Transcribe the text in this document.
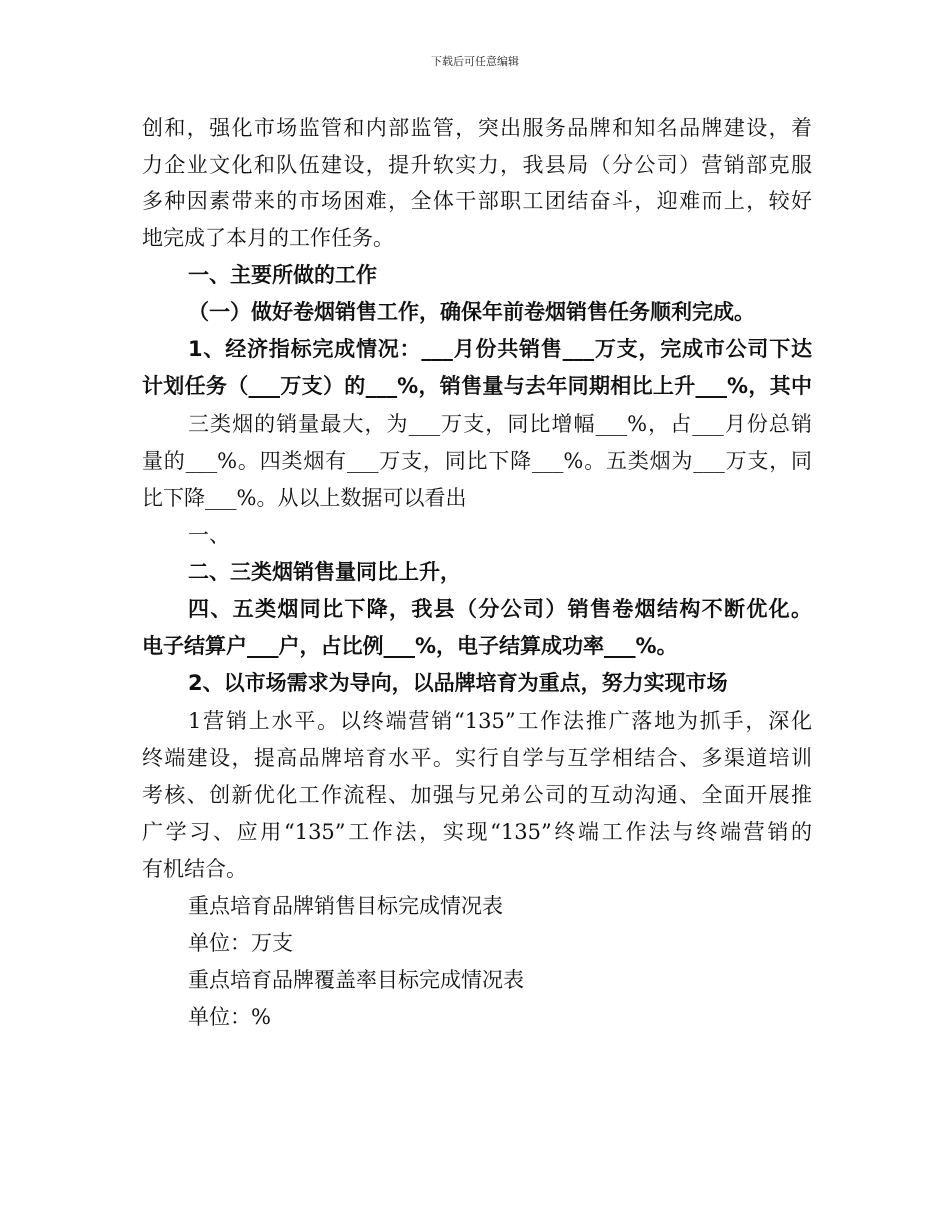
下载后可任意编辑
创和，强化市场监管和内部监管，突出服务品牌和知名品牌建设，着
力企业文化和队伍建设，提升软实力，我县局（分公司）营销部克服
多种因素带来的市场困难，全体干部职工团结奋斗，迎难而上，较好
地完成了本月的工作任务。
一、主要所做的工作
（一）做好卷烟销售工作，确保年前卷烟销售任务顺利完成。
1、经济指标完成情况：___月份共销售___万支，完成市公司下达
计划任务（___万支）的___%，销售量与去年同期相比上升___%，其中
三类烟的销量最大，为___万支，同比增幅___%，占___月份总销
量的___%。四类烟有___万支，同比下降___%。五类烟为___万支，同
比下降___%。从以上数据可以看出
一、
二、三类烟销售量同比上升，
四、五类烟同比下降，我县（分公司）销售卷烟结构不断优化。
电子结算户___户，占比例___%，电子结算成功率___%。
2、以市场需求为导向，以品牌培育为重点，努力实现市场
1营销上水平。以终端营销“135”工作法推广落地为抓手，深化
终端建设，提高品牌培育水平。实行自学与互学相结合、多渠道培训
考核、创新优化工作流程、加强与兄弟公司的互动沟通、全面开展推
广学习、应用“135”工作法，实现“135”终端工作法与终端营销的
有机结合。
重点培育品牌销售目标完成情况表
单位：万支
重点培育品牌覆盖率目标完成情况表
单位：%
